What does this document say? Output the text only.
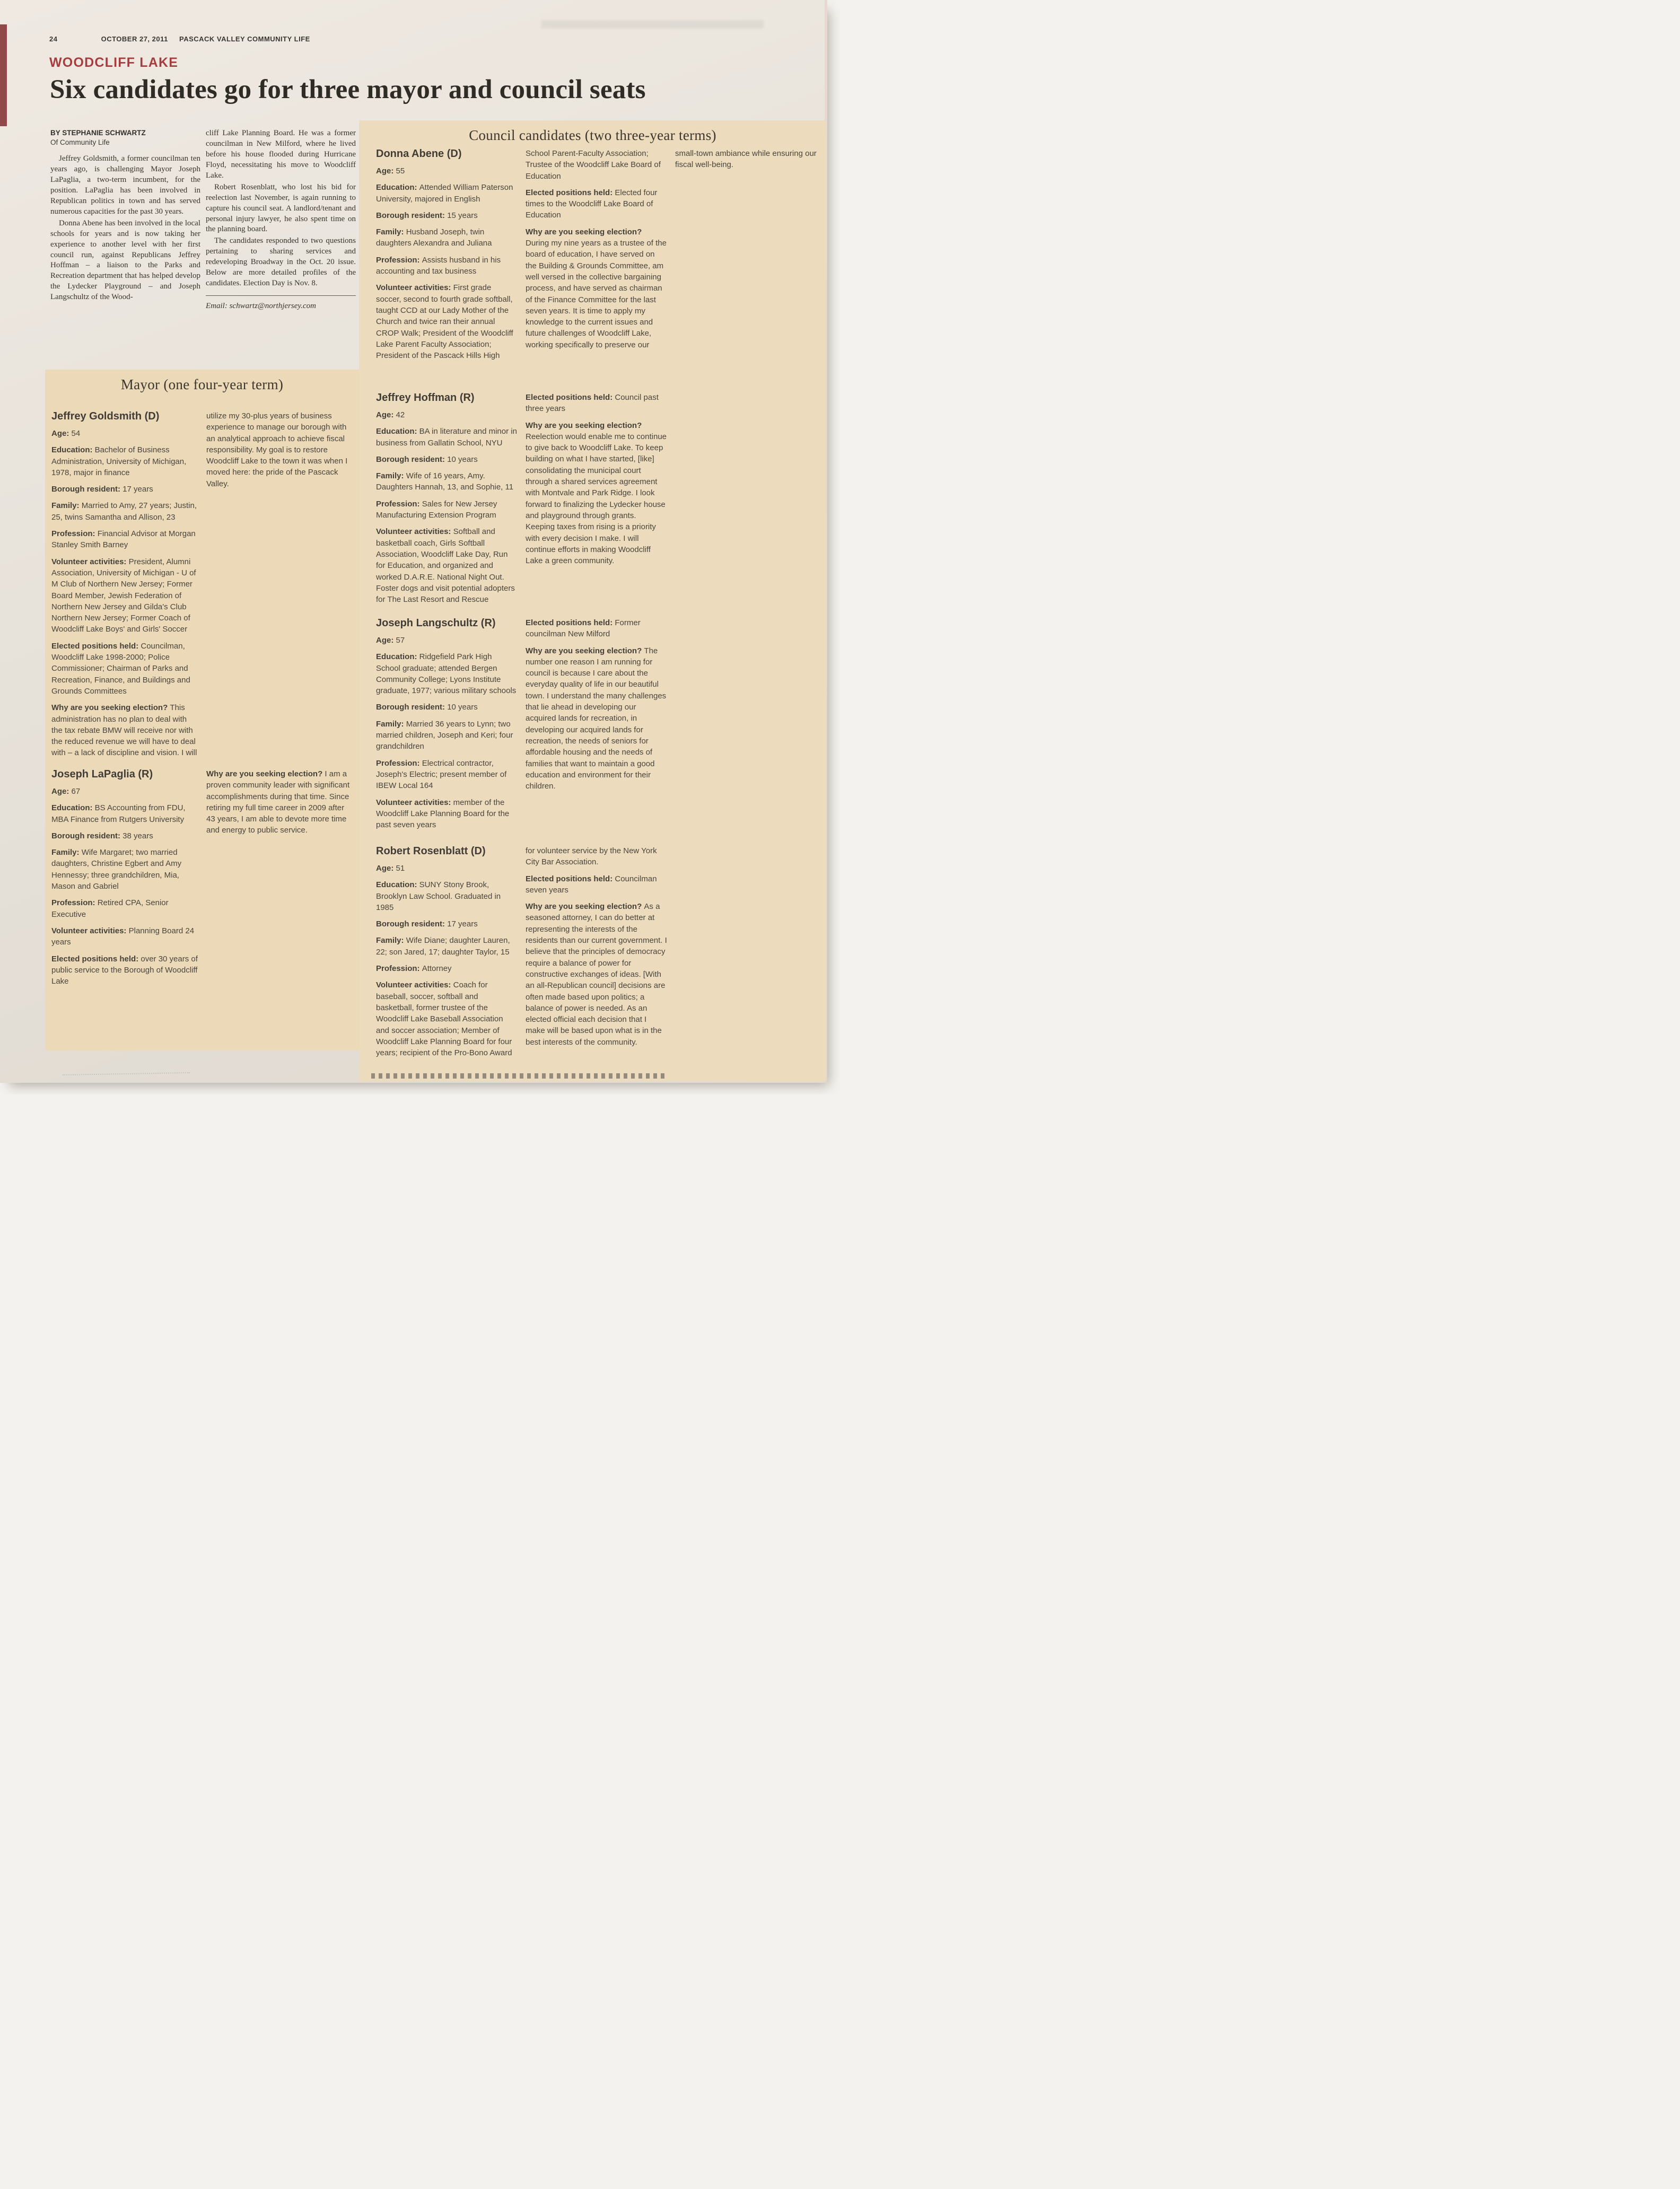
24	OCTOBER 27, 2011 PASCACK VALLEY COMMUNITY LIFE
WOODCLIFF LAKE
Six candidates go for three mayor and council seats
BY STEPHANIE SCHWARTZ
Of Community Life

Jeffrey Goldsmith, a former councilman ten years ago, is challenging Mayor Joseph LaPaglia, a two-term incumbent, for the position. LaPaglia has been involved in Republican politics in town and has served numerous capacities for the past 30 years.

Donna Abene has been involved in the local schools for years and is now taking her experience to another level with her first council run, against Republicans Jeffrey Hoffman – a liaison to the Parks and Recreation department that has helped develop the Lydecker Playground – and Joseph Langschultz of the Wood-

cliff Lake Planning Board. He was a former councilman in New Milford, where he lived before his house flooded during Hurricane Floyd, necessitating his move to Woodcliff Lake.

Robert Rosenblatt, who lost his bid for reelection last November, is again running to capture his council seat. A landlord/tenant and personal injury lawyer, he also spent time on the planning board.

The candidates responded to two questions pertaining to sharing services and redeveloping Broadway in the Oct. 20 issue. Below are more detailed profiles of the candidates. Election Day is Nov. 8.

Email: schwartz@northjersey.com

Council candidates (two three-year terms)
Donna Abene (D)

Age: 55

Education: Attended William Paterson University, majored in English

Borough resident: 15 years

Family: Husband Joseph, twin daughters Alexandra and Juliana

Profession: Assists husband in his accounting and tax business

Volunteer activities: First grade soccer, second to fourth grade softball, taught CCD at our Lady Mother of the Church and twice ran their annual CROP Walk; President of the Woodcliff Lake Parent Faculty Association; President of the Pascack Hills High School Parent-Faculty Association; Trustee of the Woodcliff Lake Board of Education

Elected positions held: Elected four times to the Woodcliff Lake Board of Education

Why are you seeking election? During my nine years as a trustee of the board of education, I have served on the Building & Grounds Committee, am well versed in the collective bargaining process, and have served as chairman of the Finance Committee for the last seven years. It is time to apply my knowledge to the current issues and future challenges of Woodcliff Lake, working specifically to preserve our small-town ambiance while ensuring our fiscal well-being.

Jeffrey Hoffman (R)

Age: 42

Education: BA in literature and minor in business from Gallatin School, NYU

Borough resident: 10 years

Family: Wife of 16 years, Amy. Daughters Hannah, 13, and Sophie, 11

Profession: Sales for New Jersey Manufacturing Extension Program

Volunteer activities: Softball and basketball coach, Girls Softball Association, Woodcliff Lake Day, Run for Education, and organized and worked D.A.R.E. National Night Out. Foster dogs and visit potential adopters for The Last Resort and Rescue

Elected positions held: Council past three years

Why are you seeking election? Reelection would enable me to continue to give back to Woodcliff Lake. To keep building on what I have started, [like] consolidating the municipal court through a shared services agreement with Montvale and Park Ridge. I look forward to finalizing the Lydecker house and playground through grants. Keeping taxes from rising is a priority with every decision I make. I will continue efforts in making Woodcliff Lake a green community.

Joseph Langschultz (R)

Age: 57

Education: Ridgefield Park High School graduate; attended Bergen Community College; Lyons Institute graduate, 1977; various military schools

Borough resident: 10 years

Family: Married 36 years to Lynn; two married children, Joseph and Keri; four grandchildren

Profession: Electrical contractor, Joseph's Electric; present member of IBEW Local 164

Volunteer activities: member of the Woodcliff Lake Planning Board for the past seven years

Elected positions held: Former councilman New Milford

Why are you seeking election? The number one reason I am running for council is because I care about the everyday quality of life in our beautiful town. I understand the many challenges that lie ahead in developing our acquired lands for recreation, in developing our acquired lands for recreation, the needs of seniors for affordable housing and the needs of families that want to maintain a good education and environment for their children.

Robert Rosenblatt (D)

Age: 51

Education: SUNY Stony Brook, Brooklyn Law School. Graduated in 1985

Borough resident: 17 years

Family: Wife Diane; daughter Lauren, 22; son Jared, 17; daughter Taylor, 15

Profession: Attorney

Volunteer activities: Coach for baseball, soccer, softball and basketball, former trustee of the Woodcliff Lake Baseball Association and soccer association; Member of Woodcliff Lake Planning Board for four years; recipient of the Pro-Bono Award for volunteer service by the New York City Bar Association.

Elected positions held: Councilman seven years

Why are you seeking election? As a seasoned attorney, I can do better at representing the interests of the residents than our current government. I believe that the principles of democracy require a balance of power for constructive exchanges of ideas. [With an all-Republican council] decisions are often made based upon politics; a balance of power is needed. As an elected official each decision that I make will be based upon what is in the best interests of the community.

Mayor (one four-year term)
Jeffrey Goldsmith (D)

Age: 54

Education: Bachelor of Business Administration, University of Michigan, 1978, major in finance

Borough resident: 17 years

Family: Married to Amy, 27 years; Justin, 25, twins Samantha and Allison, 23

Profession: Financial Advisor at Morgan Stanley Smith Barney

Volunteer activities: President, Alumni Association, University of Michigan - U of M Club of Northern New Jersey; Former Board Member, Jewish Federation of Northern New Jersey and Gilda's Club Northern New Jersey; Former Coach of Woodcliff Lake Boys' and Girls' Soccer

Elected positions held: Councilman, Woodcliff Lake 1998-2000; Police Commissioner; Chairman of Parks and Recreation, Finance, and Buildings and Grounds Committees

Why are you seeking election? This administration has no plan to deal with the tax rebate BMW will receive nor with the reduced revenue we will have to deal with – a lack of discipline and vision. I will utilize my 30-plus years of business experience to manage our borough with an analytical approach to achieve fiscal responsibility. My goal is to restore Woodcliff Lake to the town it was when I moved here: the pride of the Pascack Valley.

Joseph LaPaglia (R)

Age: 67

Education: BS Accounting from FDU, MBA Finance from Rutgers University

Borough resident: 38 years

Family: Wife Margaret; two married daughters, Christine Egbert and Amy Hennessy; three grandchildren, Mia, Mason and Gabriel

Profession: Retired CPA, Senior Executive

Volunteer activities: Planning Board 24 years

Elected positions held: over 30 years of public service to the Borough of Woodcliff Lake

Why are you seeking election? I am a proven community leader with significant accomplishments during that time. Since retiring my full time career in 2009 after 43 years, I am able to devote more time and energy to public service.
